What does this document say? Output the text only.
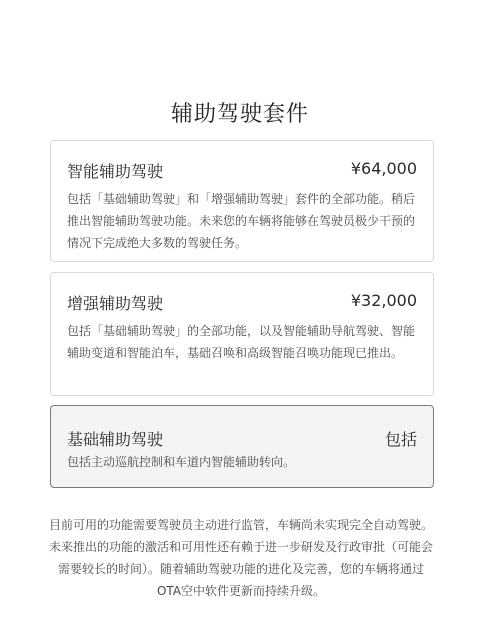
辅助驾驶套件
智能辅助驾驶	¥64,000
包括「基础辅助驾驶」和「增强辅助驾驶」套件的全部功能。稍后推出智能辅助驾驶功能。未来您的车辆将能够在驾驶员极少干预的情况下完成绝大多数的驾驶任务。
增强辅助驾驶	¥32,000
包括「基础辅助驾驶」的全部功能，以及智能辅助导航驾驶、智能辅助变道和智能泊车，基础召唤和高级智能召唤功能现已推出。
基础辅助驾驶	包括
包括主动巡航控制和车道内智能辅助转向。
目前可用的功能需要驾驶员主动进行监管，车辆尚未实现完全自动驾驶。未来推出的功能的激活和可用性还有赖于进一步研发及行政审批（可能会需要较长的时间）。随着辅助驾驶功能的进化及完善，您的车辆将通过OTA空中软件更新而持续升级。
